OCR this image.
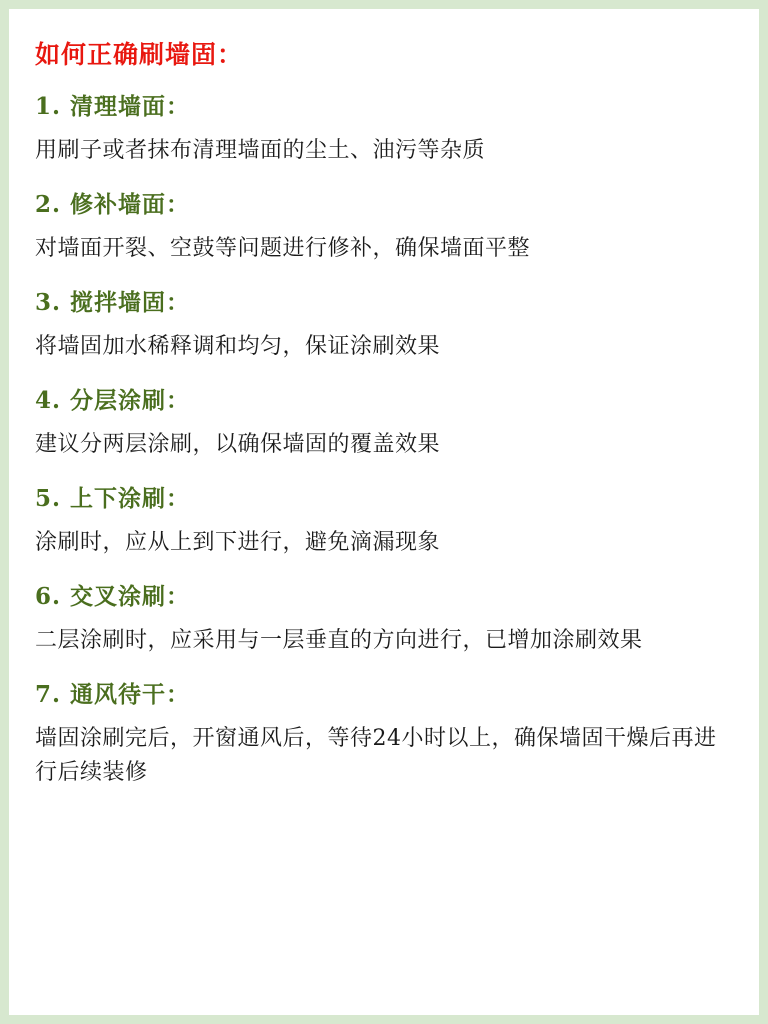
如何正确刷墙固：
1. 清理墙面：

用刷子或者抹布清理墙面的尘土、油污等杂质

2. 修补墙面：

对墙面开裂、空鼓等问题进行修补，确保墙面平整

3. 搅拌墙固：

将墙固加水稀释调和均匀，保证涂刷效果

4. 分层涂刷：

建议分两层涂刷，以确保墙固的覆盖效果

5. 上下涂刷：

涂刷时，应从上到下进行，避免滴漏现象

6. 交叉涂刷：

二层涂刷时，应采用与一层垂直的方向进行，已增加涂刷效果

7. 通风待干：

墙固涂刷完后，开窗通风后，等待24小时以上，确保墙固干燥后再进行后续装修
